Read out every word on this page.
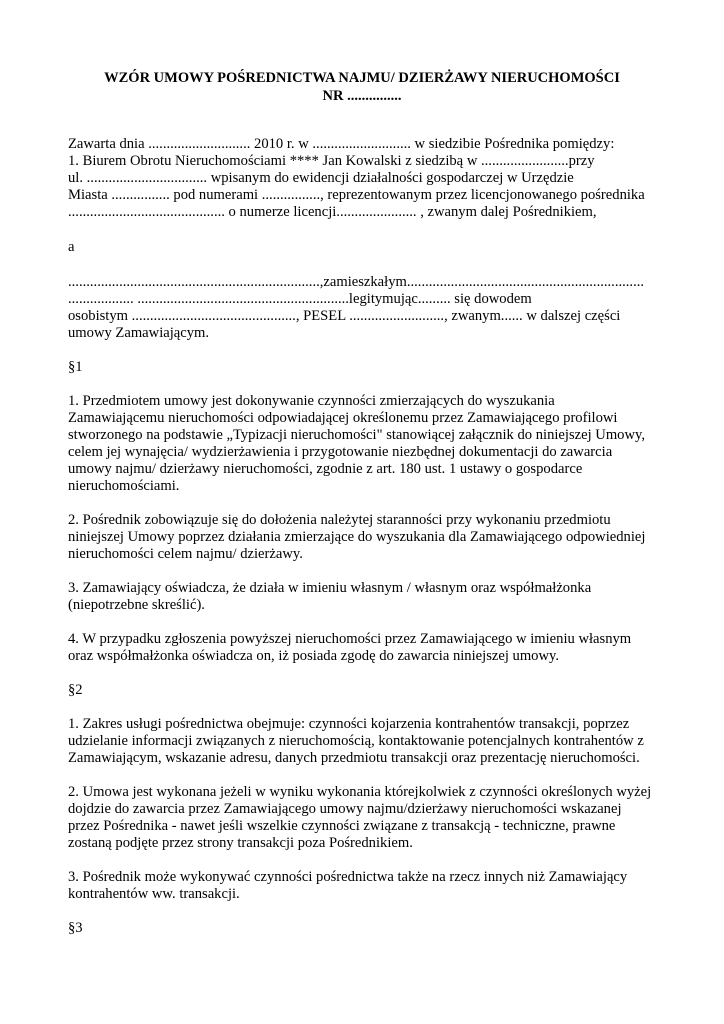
WZÓR UMOWY POŚREDNICTWA NAJMU/ DZIERŻAWY NIERUCHOMOŚCI
NR ...............
Zawarta dnia ............................ 2010 r. w ........................... w siedzibie Pośrednika pomiędzy:
1. Biurem Obrotu Nieruchomościami **** Jan Kowalski z siedzibą w ........................przy
ul. ................................. wpisanym do ewidencji działalności gospodarczej w Urzędzie
Miasta ................ pod numerami ................, reprezentowanym przez licencjonowanego pośrednika
........................................... o numerze licencji...................... , zwanym dalej Pośrednikiem,
a
.....................................................................,zamieszkałym.................................................................
.................. ..........................................................legitymując......... się dowodem
osobistym ............................................., PESEL .........................., zwanym...... w dalszej części
umowy Zamawiającym.
§1
1. Przedmiotem umowy jest dokonywanie czynności zmierzających do wyszukania
Zamawiającemu nieruchomości odpowiadającej określonemu przez Zamawiającego profilowi
stworzonego na podstawie „Typizacji nieruchomości" stanowiącej załącznik do niniejszej Umowy,
celem jej wynajęcia/ wydzierżawienia i przygotowanie niezbędnej dokumentacji do zawarcia
umowy najmu/ dzierżawy nieruchomości, zgodnie z art. 180 ust. 1 ustawy o gospodarce
nieruchomościami.
2. Pośrednik zobowiązuje się do dołożenia należytej staranności przy wykonaniu przedmiotu
niniejszej Umowy poprzez działania zmierzające do wyszukania dla Zamawiającego odpowiedniej
nieruchomości celem najmu/ dzierżawy.
3. Zamawiający oświadcza, że działa w imieniu własnym / własnym oraz współmałżonka
(niepotrzebne skreślić).
4. W przypadku zgłoszenia powyższej nieruchomości przez Zamawiającego w imieniu własnym
oraz współmałżonka oświadcza on, iż posiada zgodę do zawarcia niniejszej umowy.
§2
1. Zakres usługi pośrednictwa obejmuje: czynności kojarzenia kontrahentów transakcji, poprzez
udzielanie informacji związanych z nieruchomością, kontaktowanie potencjalnych kontrahentów z
Zamawiającym, wskazanie adresu, danych przedmiotu transakcji oraz prezentację nieruchomości.
2. Umowa jest wykonana jeżeli w wyniku wykonania którejkolwiek z czynności określonych wyżej
dojdzie do zawarcia przez Zamawiającego umowy najmu/dzierżawy nieruchomości wskazanej
przez Pośrednika - nawet jeśli wszelkie czynności związane z transakcją - techniczne, prawne
zostaną podjęte przez strony transakcji poza Pośrednikiem.
3. Pośrednik może wykonywać czynności pośrednictwa także na rzecz innych niż Zamawiający
kontrahentów ww. transakcji.
§3
